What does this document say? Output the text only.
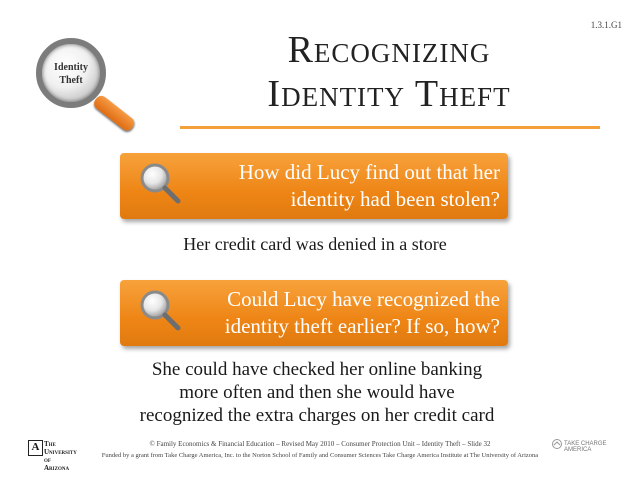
1.3.1.G1
Identity
Theft
Recognizing
Identity Theft
How did Lucy find out that her identity had been stolen?
Her credit card was denied in a store
Could Lucy have recognized the identity theft earlier? If so, how?
She could have checked her online banking
more often and then she would have
recognized the extra charges on her credit card
A The University of Arizona
© Family Economics & Financial Education – Revised May 2010 – Consumer Protection Unit – Identity Theft – Slide 32
Funded by a grant from Take Charge America, Inc. to the Norton School of Family and Consumer Sciences Take Charge America Institute at The University of Arizona
TAKE CHARGE AMERICA
